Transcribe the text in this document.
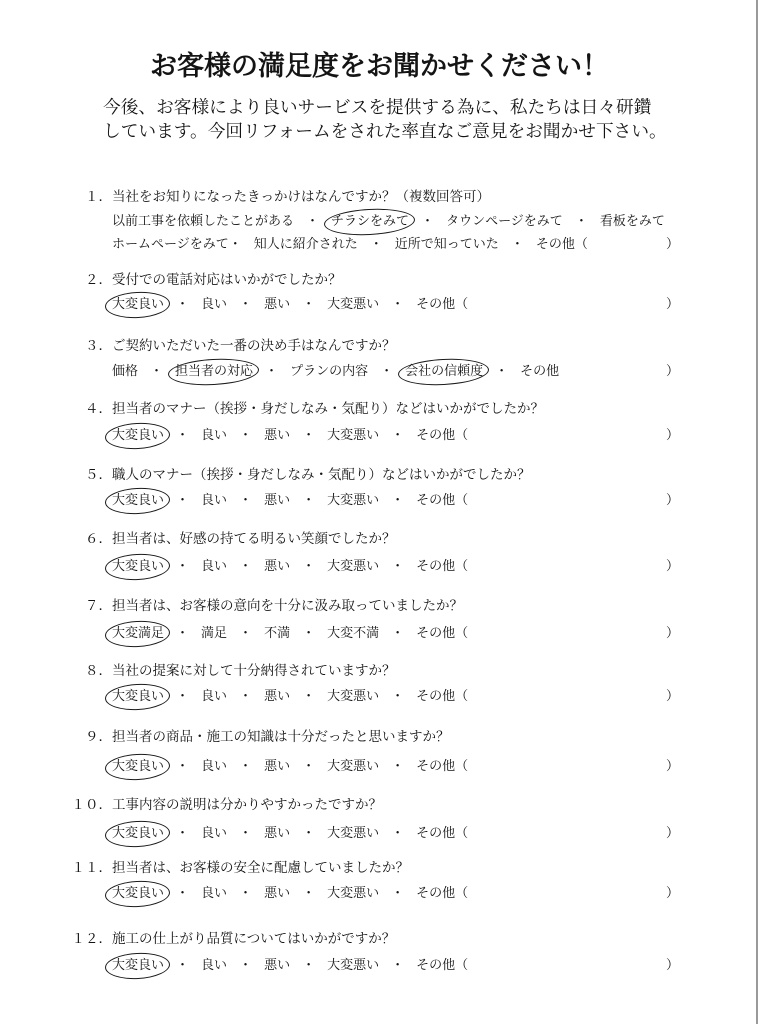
お客様の満足度をお聞かせください！
今後、お客様により良いサービスを提供する為に、私たちは日々研鑽
しています。今回リフォームをされた率直なご意見をお聞かせ下さい。
１．当社をお知りになったきっかけはなんですか？（複数回答可）
以前工事を依頼したことがある ・ チラシをみて ・ タウンページをみて ・ 看板をみて
ホームページをみて ・ 知人に紹介された ・ 近所で知っていた ・ その他（	）
２．受付での電話対応はいかがでしたか？
大変良い ・ 良い ・ 悪い ・ 大変悪い ・ その他（	）
３．ご契約いただいた一番の決め手はなんですか？
価格 ・ 担当者の対応 ・ プランの内容 ・ 会社の信頼度 ・ その他	）
４．担当者のマナー（挨拶・身だしなみ・気配り）などはいかがでしたか？
大変良い ・ 良い ・ 悪い ・ 大変悪い ・ その他（	）
５．職人のマナー（挨拶・身だしなみ・気配り）などはいかがでしたか？
大変良い ・ 良い ・ 悪い ・ 大変悪い ・ その他（	）
６．担当者は、好感の持てる明るい笑顔でしたか？
大変良い ・ 良い ・ 悪い ・ 大変悪い ・ その他（	）
７．担当者は、お客様の意向を十分に汲み取っていましたか？
大変満足 ・ 満足 ・ 不満 ・ 大変不満 ・ その他（	）
８．当社の提案に対して十分納得されていますか？
大変良い ・ 良い ・ 悪い ・ 大変悪い ・ その他（	）
９．担当者の商品・施工の知識は十分だったと思いますか？
大変良い ・ 良い ・ 悪い ・ 大変悪い ・ その他（	）
１０．工事内容の説明は分かりやすかったですか？
大変良い ・ 良い ・ 悪い ・ 大変悪い ・ その他（	）
１１．担当者は、お客様の安全に配慮していましたか？
大変良い ・ 良い ・ 悪い ・ 大変悪い ・ その他（	）
１２．施工の仕上がり品質についてはいかがですか？
大変良い ・ 良い ・ 悪い ・ 大変悪い ・ その他（	）
